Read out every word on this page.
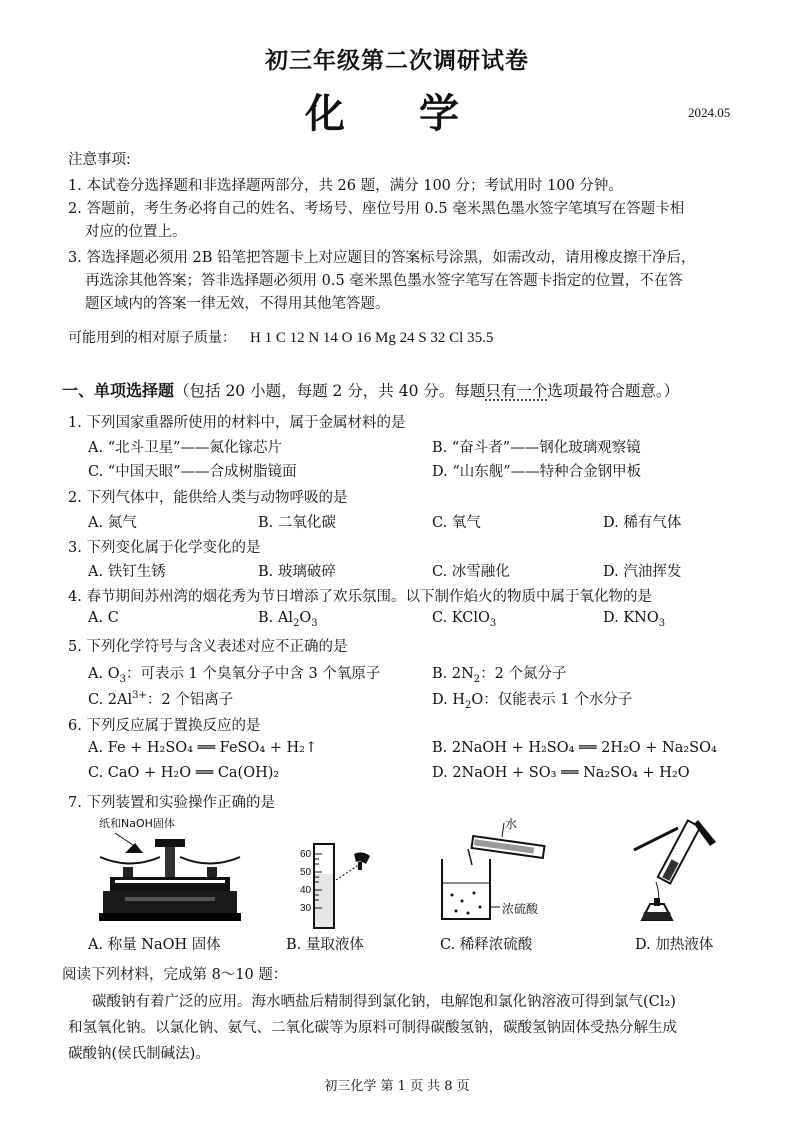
初三年级第二次调研试卷
化 学	2024.05
注意事项:
1. 本试卷分选择题和非选择题两部分，共 26 题，满分 100 分；考试用时 100 分钟。
2. 答题前，考生务必将自己的姓名、考场号、座位号用 0.5 毫米黑色墨水签字笔填写在答题卡相
对应的位置上。
3. 答选择题必须用 2B 铅笔把答题卡上对应题目的答案标号涂黑，如需改动，请用橡皮擦干净后，
再选涂其他答案；答非选择题必须用 0.5 毫米黑色墨水签字笔写在答题卡指定的位置，不在答
题区域内的答案一律无效，不得用其他笔答题。
可能用到的相对原子质量： H 1 C 12 N 14 O 16 Mg 24 S 32 Cl 35.5
一、单项选择题（包括 20 小题，每题 2 分，共 40 分。每题只有一个选项最符合题意。）
1. 下列国家重器所使用的材料中，属于金属材料的是
A. “北斗卫星”——氮化镓芯片	B. “奋斗者”——钢化玻璃观察镜
C. “中国天眼”——合成树脂镜面	D. “山东舰”——特种合金钢甲板
2. 下列气体中，能供给人类与动物呼吸的是
A. 氮气	B. 二氧化碳	C. 氧气	D. 稀有气体
3. 下列变化属于化学变化的是
A. 铁钉生锈	B. 玻璃破碎	C. 冰雪融化	D. 汽油挥发
4. 春节期间苏州湾的烟花秀为节日增添了欢乐氛围。以下制作焰火的物质中属于氧化物的是
A. C	B. $Al_2O_3$	C. KClO$_3$	D. $KNO_3$
5. 下列化学符号与含义表述对应不正确的是
A. $O_3$：可表示 1 个臭氧分子中含 3 个氧原子	B. $2N_2$：2 个氮分子
C. $2Al^{3+}$：2 个铝离子	D. $H_2O$：仅能表示 1 个水分子
6. 下列反应属于置换反应的是
A. Fe + H₂SO₄ ══ FeSO₄ + H₂↑	B. 2NaOH + H₂SO₄ ══ 2H₂O + Na₂SO₄
C. CaO + H₂O ══ Ca(OH)₂	D. 2NaOH + SO₃ ══ Na₂SO₄ + H₂O
7. 下列装置和实验操作正确的是
纸和NaOH固体
60
50
40
30
水
浓硫酸
A. 称量 NaOH 固体	B. 量取液体	C. 稀释浓硫酸	D. 加热液体
阅读下列材料，完成第 8～10 题：
碳酸钠有着广泛的应用。海水晒盐后精制得到氯化钠，电解饱和氯化钠溶液可得到氯气(Cl₂)
和氢氧化钠。以氯化钠、氨气、二氧化碳等为原料可制得碳酸氢钠，碳酸氢钠固体受热分解生成
碳酸钠(侯氏制碱法)。
初三化学 第 1 页 共 8 页
